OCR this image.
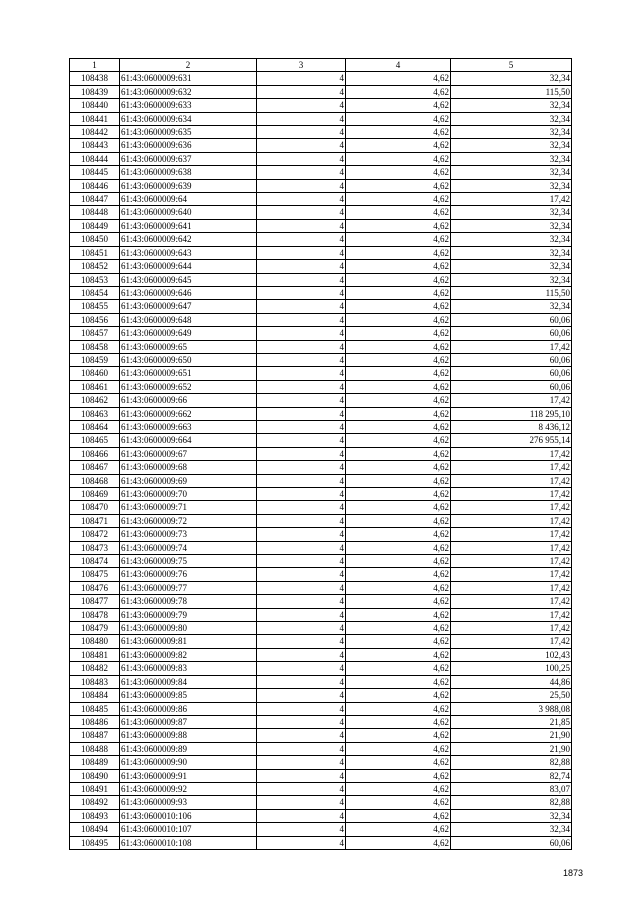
1	2	3	4	5
108438	61:43:0600009:631	4	4,62	32,34
108439	61:43:0600009:632	4	4,62	115,50
108440	61:43:0600009:633	4	4,62	32,34
108441	61:43:0600009:634	4	4,62	32,34
108442	61:43:0600009:635	4	4,62	32,34
108443	61:43:0600009:636	4	4,62	32,34
108444	61:43:0600009:637	4	4,62	32,34
108445	61:43:0600009:638	4	4,62	32,34
108446	61:43:0600009:639	4	4,62	32,34
108447	61:43:0600009:64	4	4,62	17,42
108448	61:43:0600009:640	4	4,62	32,34
108449	61:43:0600009:641	4	4,62	32,34
108450	61:43:0600009:642	4	4,62	32,34
108451	61:43:0600009:643	4	4,62	32,34
108452	61:43:0600009:644	4	4,62	32,34
108453	61:43:0600009:645	4	4,62	32,34
108454	61:43:0600009:646	4	4,62	115,50
108455	61:43:0600009:647	4	4,62	32,34
108456	61:43:0600009:648	4	4,62	60,06
108457	61:43:0600009:649	4	4,62	60,06
108458	61:43:0600009:65	4	4,62	17,42
108459	61:43:0600009:650	4	4,62	60,06
108460	61:43:0600009:651	4	4,62	60,06
108461	61:43:0600009:652	4	4,62	60,06
108462	61:43:0600009:66	4	4,62	17,42
108463	61:43:0600009:662	4	4,62	118 295,10
108464	61:43:0600009:663	4	4,62	8 436,12
108465	61:43:0600009:664	4	4,62	276 955,14
108466	61:43:0600009:67	4	4,62	17,42
108467	61:43:0600009:68	4	4,62	17,42
108468	61:43:0600009:69	4	4,62	17,42
108469	61:43:0600009:70	4	4,62	17,42
108470	61:43:0600009:71	4	4,62	17,42
108471	61:43:0600009:72	4	4,62	17,42
108472	61:43:0600009:73	4	4,62	17,42
108473	61:43:0600009:74	4	4,62	17,42
108474	61:43:0600009:75	4	4,62	17,42
108475	61:43:0600009:76	4	4,62	17,42
108476	61:43:0600009:77	4	4,62	17,42
108477	61:43:0600009:78	4	4,62	17,42
108478	61:43:0600009:79	4	4,62	17,42
108479	61:43:0600009:80	4	4,62	17,42
108480	61:43:0600009:81	4	4,62	17,42
108481	61:43:0600009:82	4	4,62	102,43
108482	61:43:0600009:83	4	4,62	100,25
108483	61:43:0600009:84	4	4,62	44,86
108484	61:43:0600009:85	4	4,62	25,50
108485	61:43:0600009:86	4	4,62	3 988,08
108486	61:43:0600009:87	4	4,62	21,85
108487	61:43:0600009:88	4	4,62	21,90
108488	61:43:0600009:89	4	4,62	21,90
108489	61:43:0600009:90	4	4,62	82,88
108490	61:43:0600009:91	4	4,62	82,74
108491	61:43:0600009:92	4	4,62	83,07
108492	61:43:0600009:93	4	4,62	82,88
108493	61:43:0600010:106	4	4,62	32,34
108494	61:43:0600010:107	4	4,62	32,34
108495	61:43:0600010:108	4	4,62	60,06
1873
